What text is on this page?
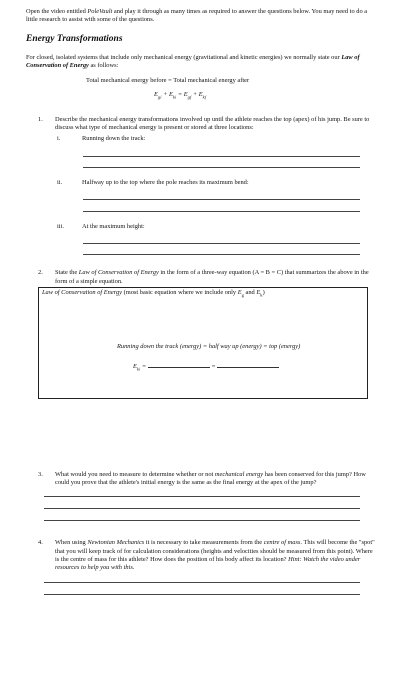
Open the video entitled PoleVault and play it through as many times as required to answer the questions below. You may need to do a little research to assist with some of the questions.

Energy Transformations

For closed, isolated systems that include only mechanical energy (gravitational and kinetic energies) we normally state our Law of Conservation of Energy as follows:

Total mechanical energy before = Total mechanical energy after

$E_{gi} + E_{ki} = E_{gf} + E_{kf}$

1.	Describe the mechanical energy transformations involved up until the athlete reaches the top (apex) of his jump. Be sure to discuss what type of mechanical energy is present or stored at three locations:
i.	Running down the track:
ii.	Halfway up to the top where the pole reaches its maximum bend:
iii.	At the maximum height:
2.	State the Law of Conservation of Energy in the form of a three-way equation (A = B = C) that summarizes the above in the form of a simple equation.
Law of Conservation of Energy (most basic equation where we include only $E_g$ and $E_k$)
Running down the track (energy) = half way up (energy) = top (energy)
$E_{ki}$ =	=
3.	What would you need to measure to determine whether or not mechanical energy has been conserved for this jump? How could you prove that the athlete's initial energy is the same as the final energy at the apex of the jump?
4.	When using Newtonian Mechanics it is necessary to take measurements from the centre of mass. This will become the "spot" that you will keep track of for calculation considerations (heights and velocities should be measured from this point). Where is the centre of mass for this athlete? How does the position of his body affect its location? Hint: Watch the video under resources to help you with this.
